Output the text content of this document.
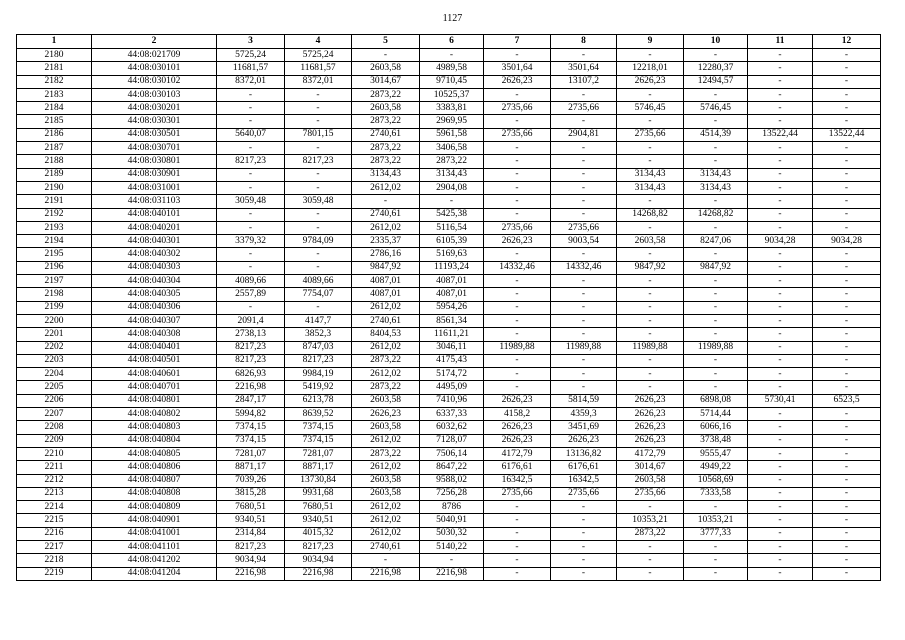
1127
1	2	3	4	5	6	7	8	9	10	11	12
2180	44:08:021709	5725,24	5725,24	-	-	-	-	-	-	-	-
2181	44:08:030101	11681,57	11681,57	2603,58	4989,58	3501,64	3501,64	12218,01	12280,37	-	-
2182	44:08:030102	8372,01	8372,01	3014,67	9710,45	2626,23	13107,2	2626,23	12494,57	-	-
2183	44:08:030103	-	-	2873,22	10525,37	-	-	-	-	-	-
2184	44:08:030201	-	-	2603,58	3383,81	2735,66	2735,66	5746,45	5746,45	-	-
2185	44:08:030301	-	-	2873,22	2969,95	-	-	-	-	-	-
2186	44:08:030501	5640,07	7801,15	2740,61	5961,58	2735,66	2904,81	2735,66	4514,39	13522,44	13522,44
2187	44:08:030701	-	-	2873,22	3406,58	-	-	-	-	-	-
2188	44:08:030801	8217,23	8217,23	2873,22	2873,22	-	-	-	-	-	-
2189	44:08:030901	-	-	3134,43	3134,43	-	-	3134,43	3134,43	-	-
2190	44:08:031001	-	-	2612,02	2904,08	-	-	3134,43	3134,43	-	-
2191	44:08:031103	3059,48	3059,48	-	-	-	-	-	-	-	-
2192	44:08:040101	-	-	2740,61	5425,38	-	-	14268,82	14268,82	-	-
2193	44:08:040201	-	-	2612,02	5116,54	2735,66	2735,66	-	-	-	-
2194	44:08:040301	3379,32	9784,09	2335,37	6105,39	2626,23	9003,54	2603,58	8247,06	9034,28	9034,28
2195	44:08:040302	-	-	2786,16	5169,63	-	-	-	-	-	-
2196	44:08:040303	-	-	9847,92	11193,24	14332,46	14332,46	9847,92	9847,92	-	-
2197	44:08:040304	4089,66	4089,66	4087,01	4087,01	-	-	-	-	-	-
2198	44:08:040305	2557,89	7754,07	4087,01	4087,01	-	-	-	-	-	-
2199	44:08:040306	-	-	2612,02	5954,26	-	-	-	-	-	-
2200	44:08:040307	2091,4	4147,7	2740,61	8561,34	-	-	-	-	-	-
2201	44:08:040308	2738,13	3852,3	8404,53	11611,21	-	-	-	-	-	-
2202	44:08:040401	8217,23	8747,03	2612,02	3046,11	11989,88	11989,88	11989,88	11989,88	-	-
2203	44:08:040501	8217,23	8217,23	2873,22	4175,43	-	-	-	-	-	-
2204	44:08:040601	6826,93	9984,19	2612,02	5174,72	-	-	-	-	-	-
2205	44:08:040701	2216,98	5419,92	2873,22	4495,09	-	-	-	-	-	-
2206	44:08:040801	2847,17	6213,78	2603,58	7410,96	2626,23	5814,59	2626,23	6898,08	5730,41	6523,5
2207	44:08:040802	5994,82	8639,52	2626,23	6337,33	4158,2	4359,3	2626,23	5714,44	-	-
2208	44:08:040803	7374,15	7374,15	2603,58	6032,62	2626,23	3451,69	2626,23	6066,16	-	-
2209	44:08:040804	7374,15	7374,15	2612,02	7128,07	2626,23	2626,23	2626,23	3738,48	-	-
2210	44:08:040805	7281,07	7281,07	2873,22	7506,14	4172,79	13136,82	4172,79	9555,47	-	-
2211	44:08:040806	8871,17	8871,17	2612,02	8647,22	6176,61	6176,61	3014,67	4949,22	-	-
2212	44:08:040807	7039,26	13730,84	2603,58	9588,02	16342,5	16342,5	2603,58	10568,69	-	-
2213	44:08:040808	3815,28	9931,68	2603,58	7256,28	2735,66	2735,66	2735,66	7333,58	-	-
2214	44:08:040809	7680,51	7680,51	2612,02	8786	-	-	-	-	-	-
2215	44:08:040901	9340,51	9340,51	2612,02	5040,91	-	-	10353,21	10353,21	-	-
2216	44:08:041001	2314,84	4015,32	2612,02	5030,32	-	-	2873,22	3777,33	-	-
2217	44:08:041101	8217,23	8217,23	2740,61	5140,22	-	-	-	-	-	-
2218	44:08:041202	9034,94	9034,94	-	-	-	-	-	-	-	-
2219	44:08:041204	2216,98	2216,98	2216,98	2216,98	-	-	-	-	-	-
